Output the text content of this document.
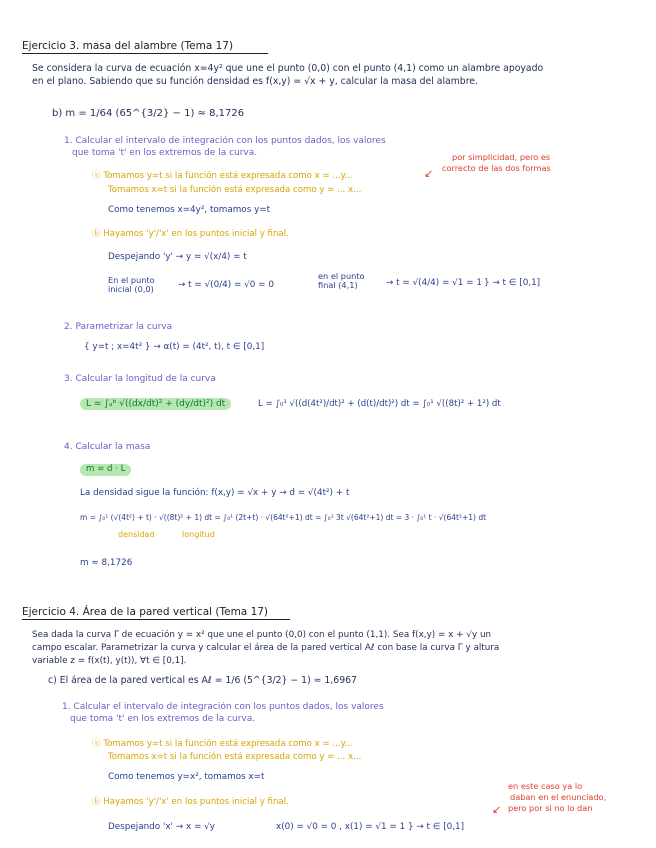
Ejercicio 3. masa del alambre (Tema 17)
Se considera la curva de ecuación x=4y² que une el punto (0,0) con el punto (4,1) como un alambre apoyado
en el plano. Sabiendo que su función densidad es f(x,y) = √x + y, calcular la masa del alambre.
b) m = 1/64 (65^{3/2} − 1) ≈ 8,1726
1. Calcular el intervalo de integración con los puntos dados, los valores
que toma 't' en los extremos de la curva.	por simplicidad, pero es
correcto de las dos formas
↙
ⓐ Tomamos y=t si la función está expresada como x = ...y...
Tomamos x=t si la función está expresada como y = ... x...
Como tenemos x=4y², tomamos y=t
ⓑ Hayamos 'y'/'x' en los puntos inicial y final.
Despejando 'y' → y = √(x/4) = t
En el punto inicial (0,0)	→ t = √(0/4) = √0 = 0
en el punto final (4,1)	→ t = √(4/4) = √1 = 1 } → t ∈ [0,1]
2. Parametrizar la curva
{ y=t ; x=4t² } → α(t) = (4t², t), t ∈ [0,1]
3. Calcular la longitud de la curva
L = ∫ₐᵇ √((dx/dt)² + (dy/dt)²) dt	L = ∫₀¹ √((d(4t²)/dt)² + (d(t)/dt)²) dt = ∫₀¹ √((8t)² + 1²) dt
4. Calcular la masa
m = d · L
La densidad sigue la función: f(x,y) = √x + y → d = √(4t²) + t
m = ∫₀¹ (√(4t²) + t) · √((8t)² + 1) dt = ∫₀¹ (2t+t) · √(64t²+1) dt = ∫₀¹ 3t √(64t²+1) dt = 3 · ∫₀¹ t · √(64t²+1) dt
densidad	longitud
m ≈ 8,1726
Ejercicio 4. Área de la pared vertical (Tema 17)
Sea dada la curva Γ de ecuación y = x² que une el punto (0,0) con el punto (1,1). Sea f(x,y) = x + √y un
campo escalar. Parametrizar la curva y calcular el área de la pared vertical Aℓ con base la curva Γ y altura
variable z = f(x(t), y(t)), ∀t ∈ [0,1].
c) El área de la pared vertical es Aℓ = 1/6 (5^{3/2} − 1) ≈ 1,6967
1. Calcular el intervalo de integración con los puntos dados, los valores
que toma 't' en los extremos de la curva.
ⓐ Tomamos y=t si la función está expresada como x = ...y...
Tomamos x=t si la función está expresada como y = ... x...
Como tenemos y=x², tomamos x=t
en este caso ya lo
daban en el enunciado,
pero por si no lo dan
↙
ⓑ Hayamos 'y'/'x' en los puntos inicial y final.
Despejando 'x' → x = √y	x(0) = √0 = 0 , x(1) = √1 = 1 } → t ∈ [0,1]
